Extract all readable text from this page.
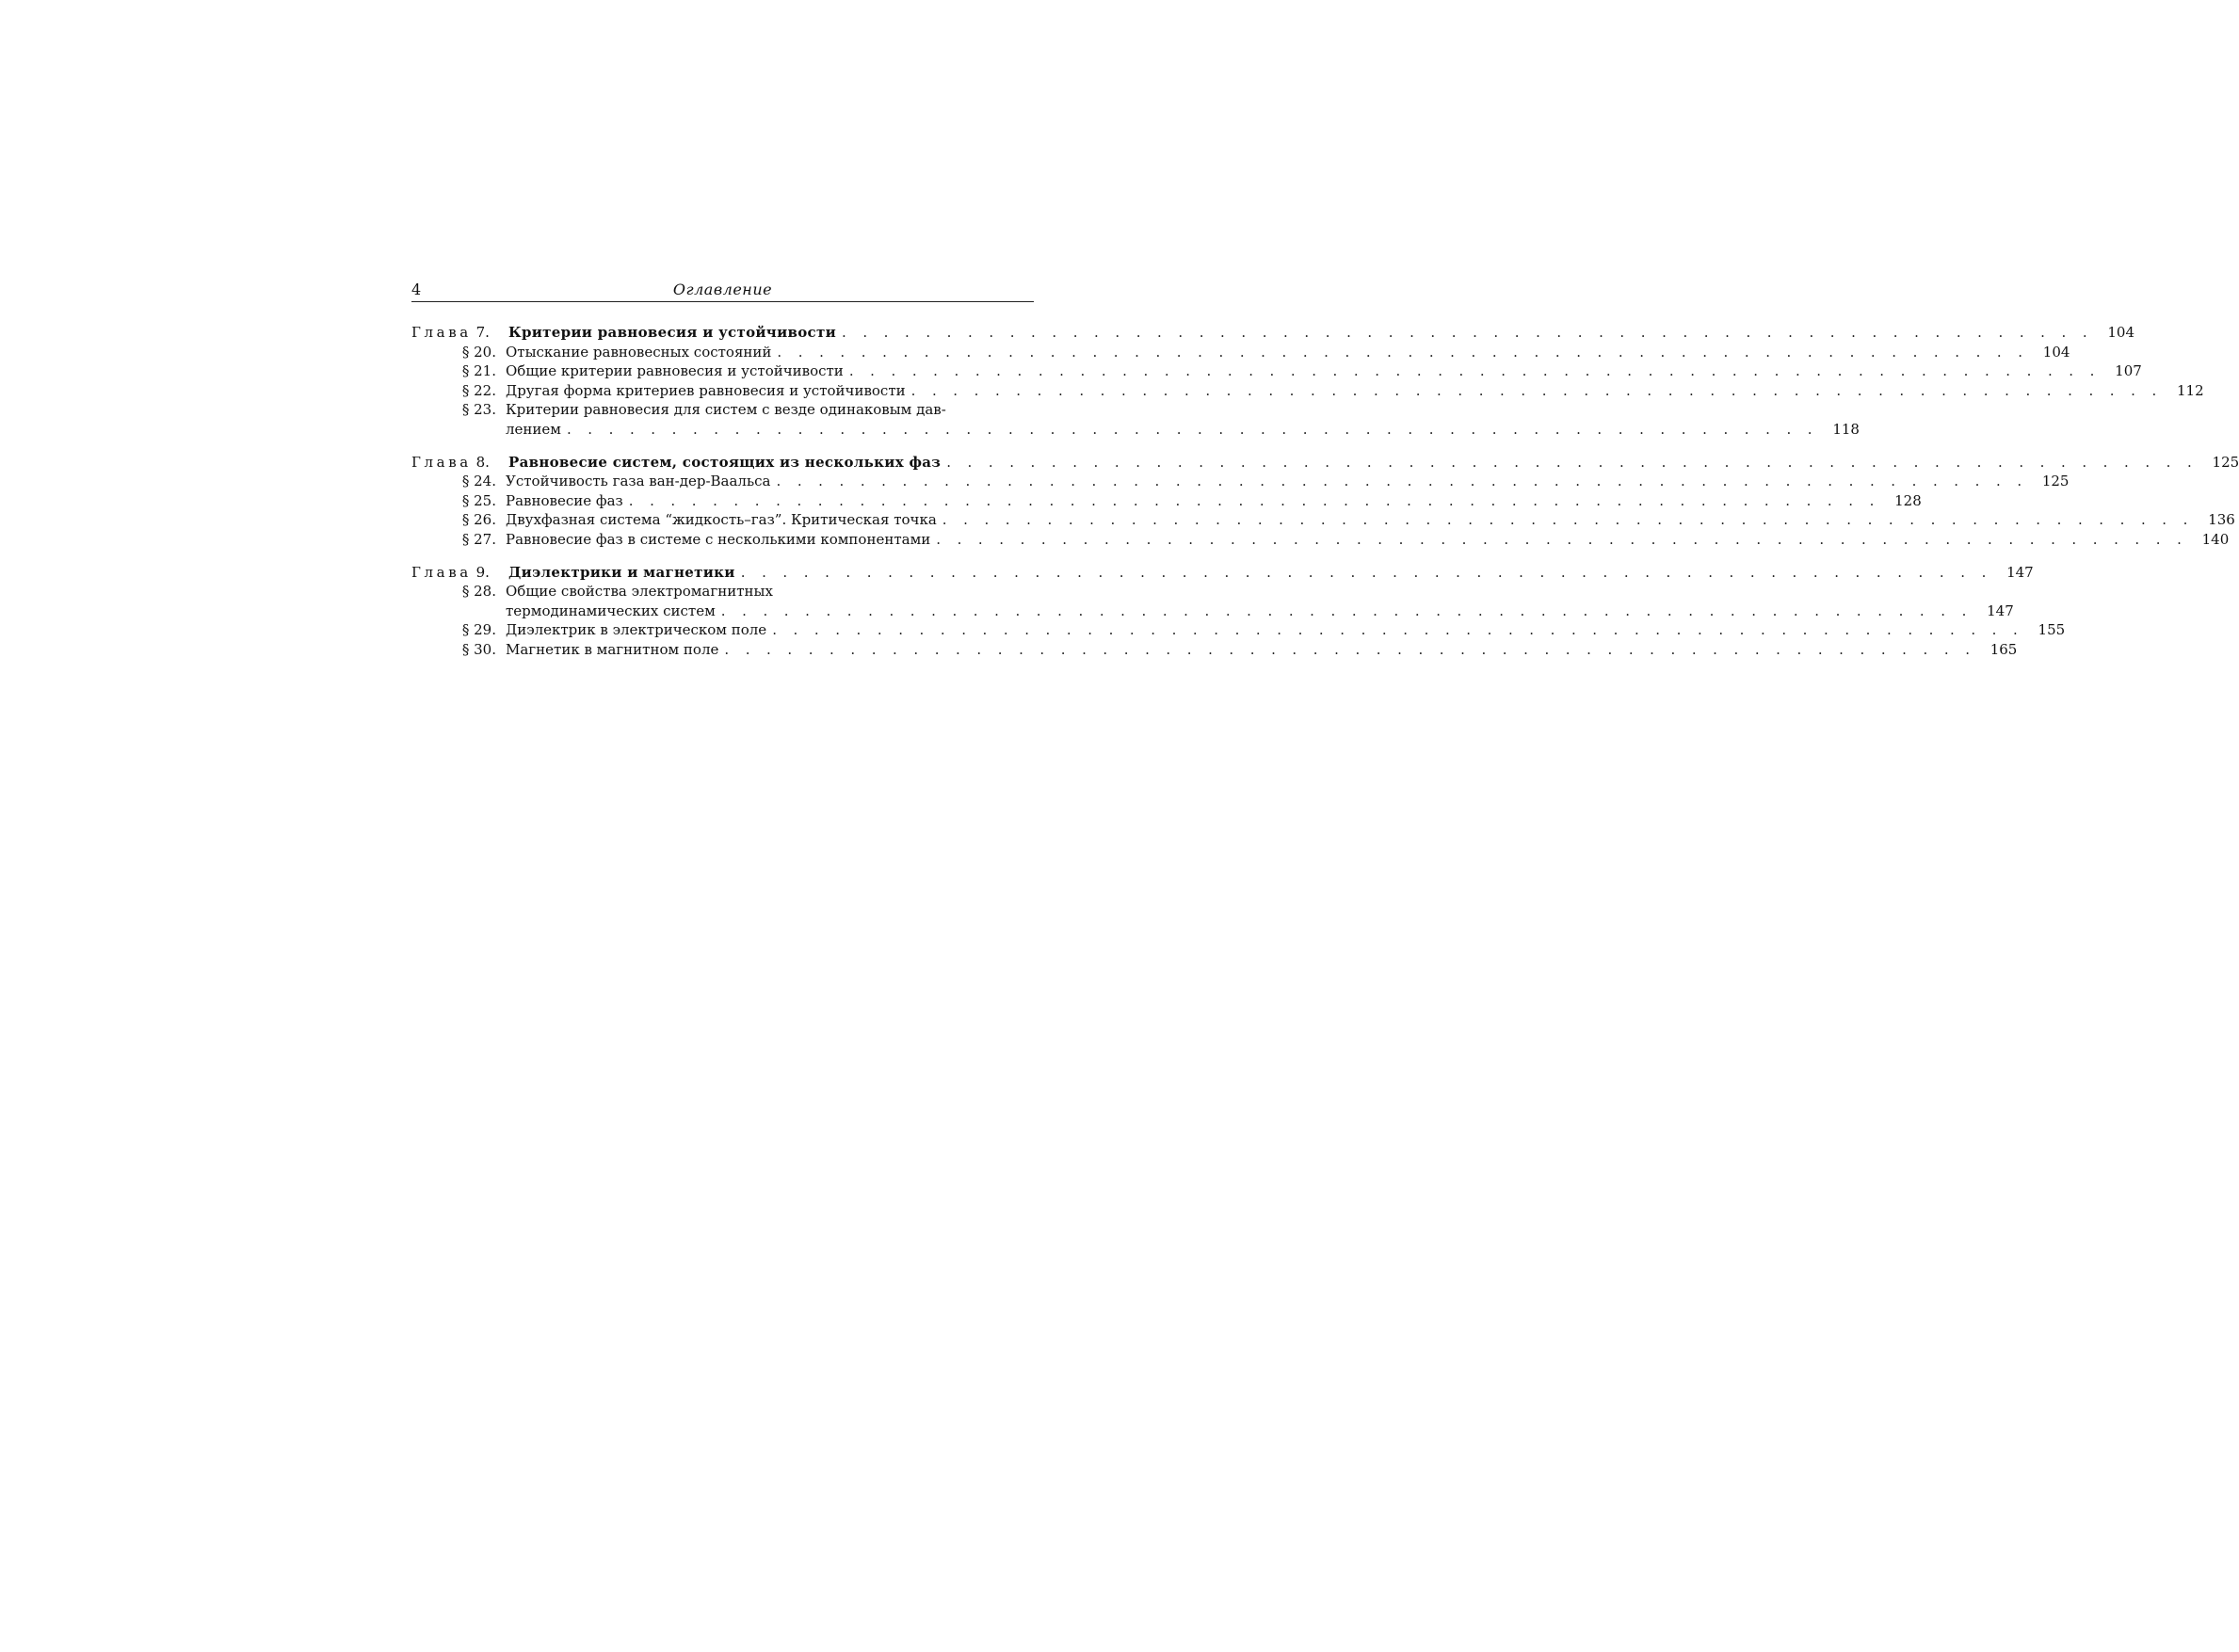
4	Оглавление
Глава 7.	Критерии равновесия и устойчивости . . . . . . . . . . . . . . . . . . . . . . . . . . . . . . . . . . . . . . . . . . . . . . . . . . . . . . . . . . . .	104
§ 20. Отыскание равновесных состояний . . . . . . . . . . . . . . . . . . . . . . . . . . . . . . . . . . . . . . . . . . . . . . . . . . . . . . . . . . . .	104
§ 21. Общие критерии равновесия и устойчивости . . . . . . . . . . . . . . . . . . . . . . . . . . . . . . . . . . . . . . . . . . . . . . . . . . . . . . . . . . . .	107
§ 22. Другая форма критериев равновесия и устойчивости . . . . . . . . . . . . . . . . . . . . . . . . . . . . . . . . . . . . . . . . . . . . . . . . . . . . . . . . . . . .	112
§ 23. Критерии равновесия для систем с везде одинаковым дав-
лением . . . . . . . . . . . . . . . . . . . . . . . . . . . . . . . . . . . . . . . . . . . . . . . . . . . . . . . . . . . .	118
Глава 8.	Равновесие систем, состоящих из нескольких фаз . . . . . . . . . . . . . . . . . . . . . . . . . . . . . . . . . . . . . . . . . . . . . . . . . . . . . . . . . . . .	125
§ 24. Устойчивость газа ван-дер-Ваальса . . . . . . . . . . . . . . . . . . . . . . . . . . . . . . . . . . . . . . . . . . . . . . . . . . . . . . . . . . . .	125
§ 25. Равновесие фаз . . . . . . . . . . . . . . . . . . . . . . . . . . . . . . . . . . . . . . . . . . . . . . . . . . . . . . . . . . . .	128
§ 26. Двухфазная система “жидкость–газ”. Критическая точка . . . . . . . . . . . . . . . . . . . . . . . . . . . . . . . . . . . . . . . . . . . . . . . . . . . . . . . . . . . .	136
§ 27. Равновесие фаз в системе с несколькими компонентами . . . . . . . . . . . . . . . . . . . . . . . . . . . . . . . . . . . . . . . . . . . . . . . . . . . . . . . . . . . .	140
Глава 9.	Диэлектрики и магнетики . . . . . . . . . . . . . . . . . . . . . . . . . . . . . . . . . . . . . . . . . . . . . . . . . . . . . . . . . . . .	147
§ 28. Общие свойства электромагнитных
термодинамических систем . . . . . . . . . . . . . . . . . . . . . . . . . . . . . . . . . . . . . . . . . . . . . . . . . . . . . . . . . . . .	147
§ 29. Диэлектрик в электрическом поле . . . . . . . . . . . . . . . . . . . . . . . . . . . . . . . . . . . . . . . . . . . . . . . . . . . . . . . . . . . .	155
§ 30. Магнетик в магнитном поле . . . . . . . . . . . . . . . . . . . . . . . . . . . . . . . . . . . . . . . . . . . . . . . . . . . . . . . . . . . .	165
